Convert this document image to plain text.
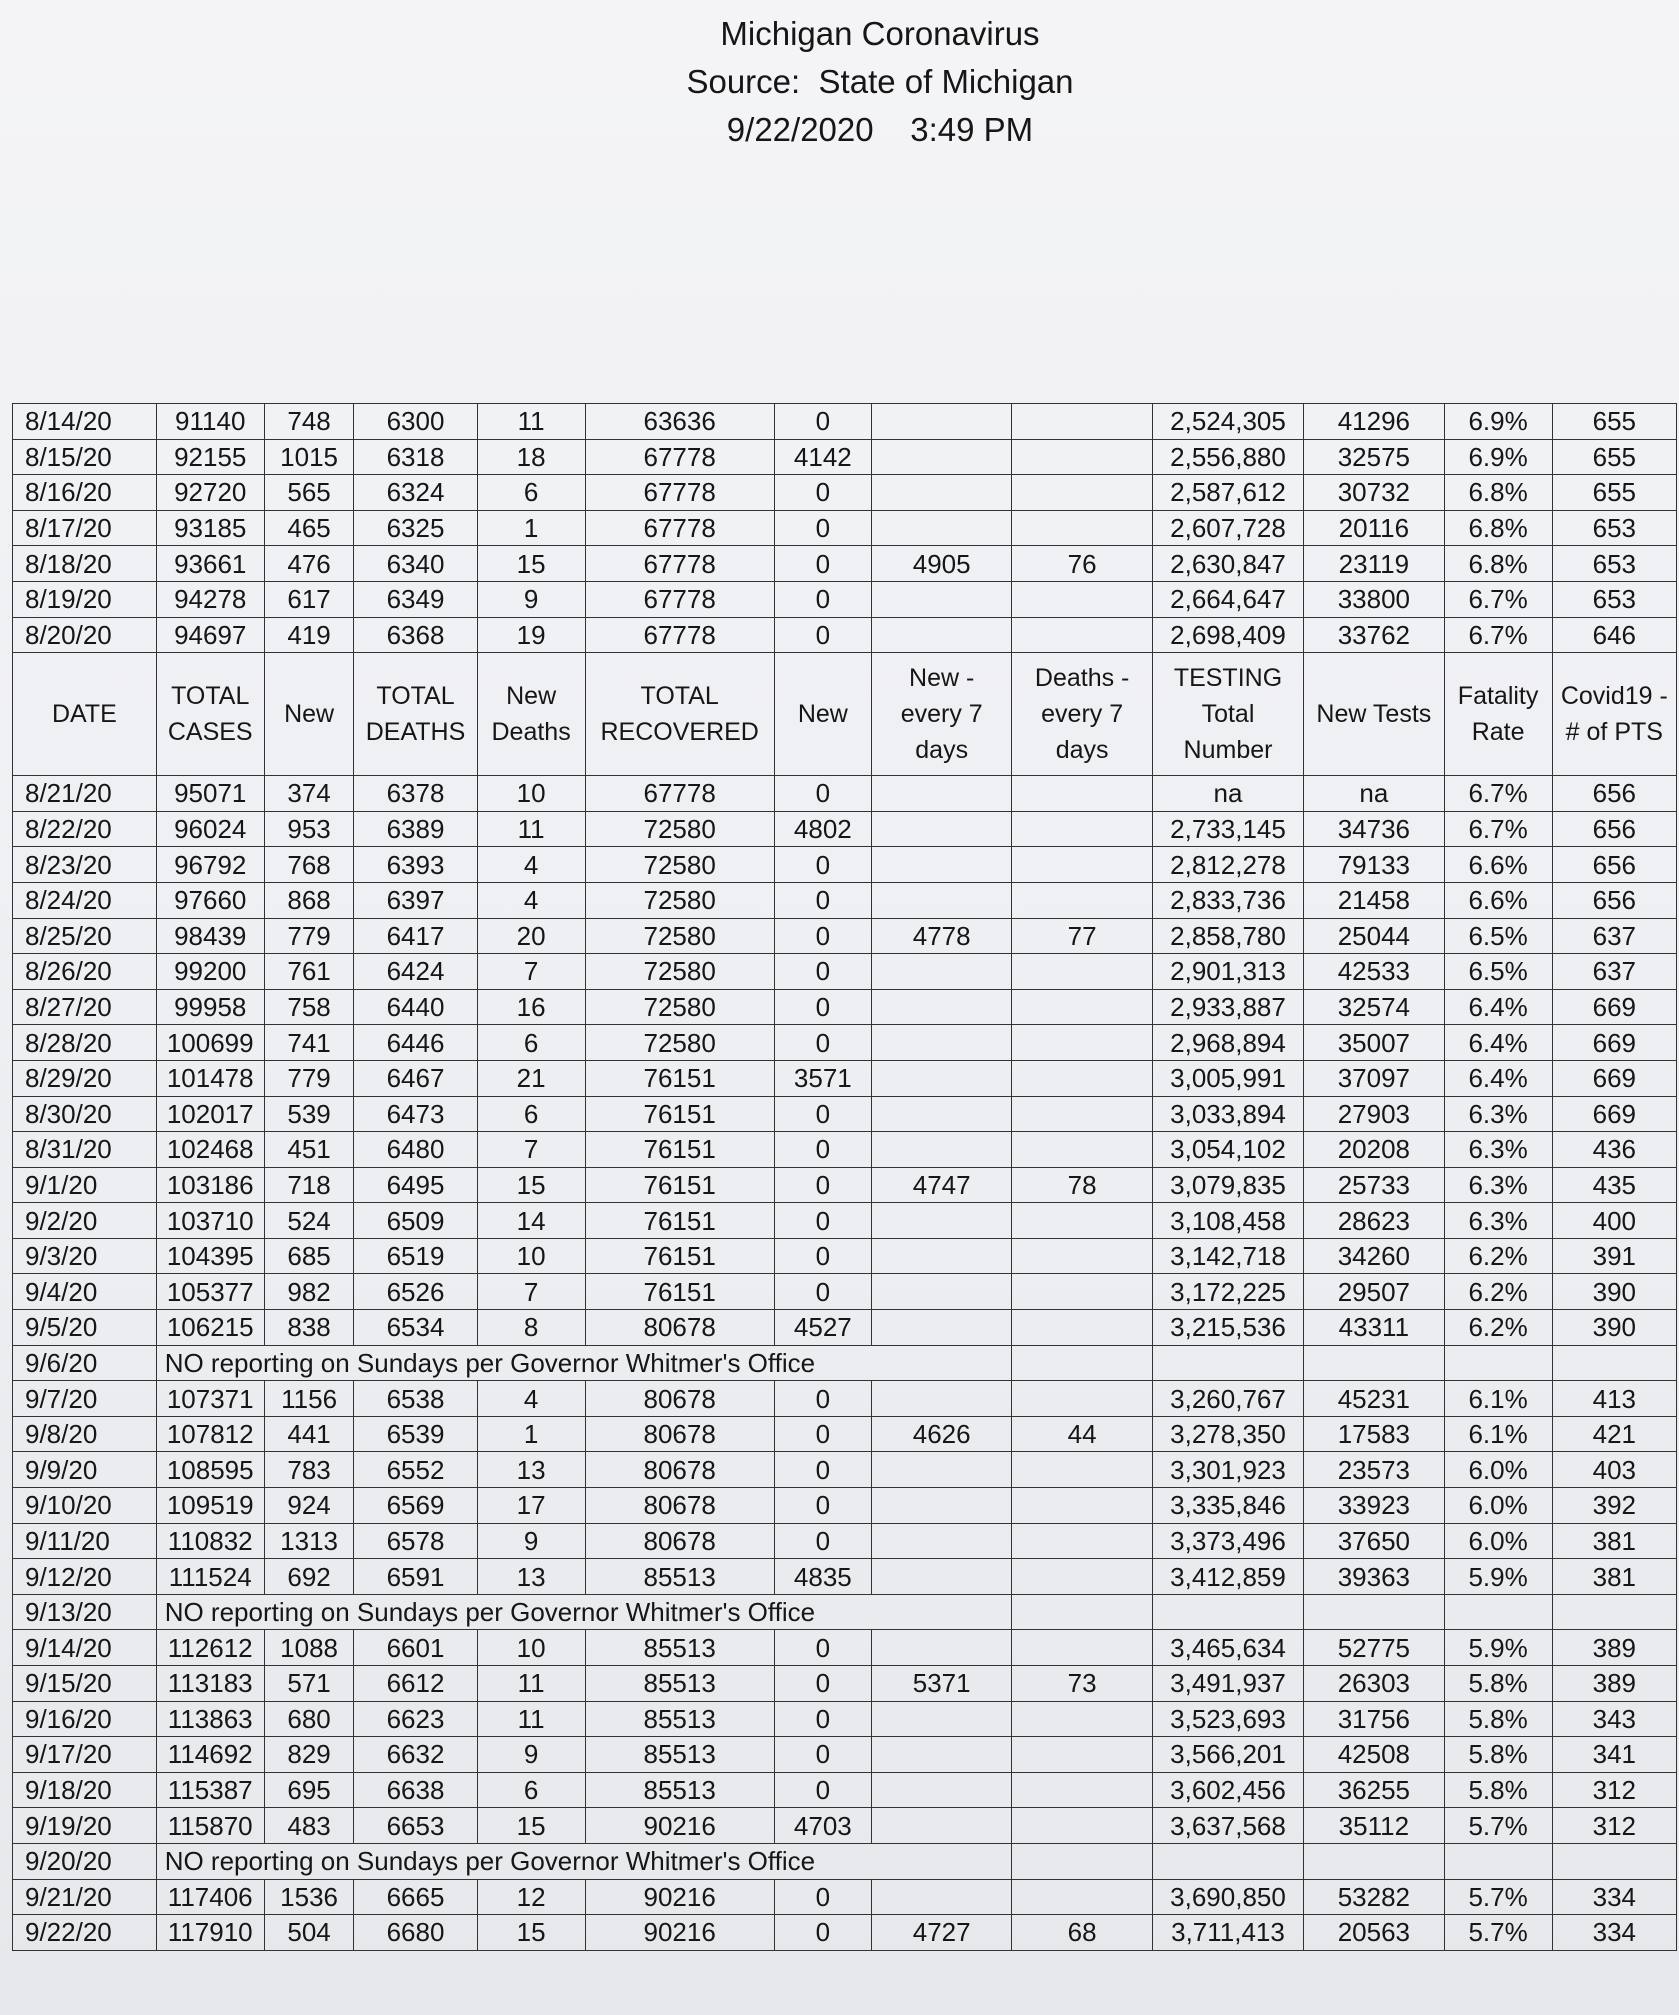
Michigan Coronavirus
Source:  State of Michigan
9/22/2020    3:49 PM
8/14/20	91140	748	6300	11	63636	0			2,524,305	41296	6.9%	655
8/15/20	92155	1015	6318	18	67778	4142			2,556,880	32575	6.9%	655
8/16/20	92720	565	6324	6	67778	0			2,587,612	30732	6.8%	655
8/17/20	93185	465	6325	1	67778	0			2,607,728	20116	6.8%	653
8/18/20	93661	476	6340	15	67778	0	4905	76	2,630,847	23119	6.8%	653
8/19/20	94278	617	6349	9	67778	0			2,664,647	33800	6.7%	653
8/20/20	94697	419	6368	19	67778	0			2,698,409	33762	6.7%	646
DATE	TOTAL CASES	New	TOTAL DEATHS	New Deaths	TOTAL RECOVERED	New	New - every 7 days	Deaths - every 7 days	TESTING Total Number	New Tests	Fatality Rate	Covid19 - # of PTS
8/21/20	95071	374	6378	10	67778	0			na	na	6.7%	656
8/22/20	96024	953	6389	11	72580	4802			2,733,145	34736	6.7%	656
8/23/20	96792	768	6393	4	72580	0			2,812,278	79133	6.6%	656
8/24/20	97660	868	6397	4	72580	0			2,833,736	21458	6.6%	656
8/25/20	98439	779	6417	20	72580	0	4778	77	2,858,780	25044	6.5%	637
8/26/20	99200	761	6424	7	72580	0			2,901,313	42533	6.5%	637
8/27/20	99958	758	6440	16	72580	0			2,933,887	32574	6.4%	669
8/28/20	100699	741	6446	6	72580	0			2,968,894	35007	6.4%	669
8/29/20	101478	779	6467	21	76151	3571			3,005,991	37097	6.4%	669
8/30/20	102017	539	6473	6	76151	0			3,033,894	27903	6.3%	669
8/31/20	102468	451	6480	7	76151	0			3,054,102	20208	6.3%	436
9/1/20	103186	718	6495	15	76151	0	4747	78	3,079,835	25733	6.3%	435
9/2/20	103710	524	6509	14	76151	0			3,108,458	28623	6.3%	400
9/3/20	104395	685	6519	10	76151	0			3,142,718	34260	6.2%	391
9/4/20	105377	982	6526	7	76151	0			3,172,225	29507	6.2%	390
9/5/20	106215	838	6534	8	80678	4527			3,215,536	43311	6.2%	390
9/6/20	NO reporting on Sundays per Governor Whitmer's Office											
9/7/20	107371	1156	6538	4	80678	0			3,260,767	45231	6.1%	413
9/8/20	107812	441	6539	1	80678	0	4626	44	3,278,350	17583	6.1%	421
9/9/20	108595	783	6552	13	80678	0			3,301,923	23573	6.0%	403
9/10/20	109519	924	6569	17	80678	0			3,335,846	33923	6.0%	392
9/11/20	110832	1313	6578	9	80678	0			3,373,496	37650	6.0%	381
9/12/20	111524	692	6591	13	85513	4835			3,412,859	39363	5.9%	381
9/13/20	NO reporting on Sundays per Governor Whitmer's Office											
9/14/20	112612	1088	6601	10	85513	0			3,465,634	52775	5.9%	389
9/15/20	113183	571	6612	11	85513	0	5371	73	3,491,937	26303	5.8%	389
9/16/20	113863	680	6623	11	85513	0			3,523,693	31756	5.8%	343
9/17/20	114692	829	6632	9	85513	0			3,566,201	42508	5.8%	341
9/18/20	115387	695	6638	6	85513	0			3,602,456	36255	5.8%	312
9/19/20	115870	483	6653	15	90216	4703			3,637,568	35112	5.7%	312
9/20/20	NO reporting on Sundays per Governor Whitmer's Office											
9/21/20	117406	1536	6665	12	90216	0			3,690,850	53282	5.7%	334
9/22/20	117910	504	6680	15	90216	0	4727	68	3,711,413	20563	5.7%	334
